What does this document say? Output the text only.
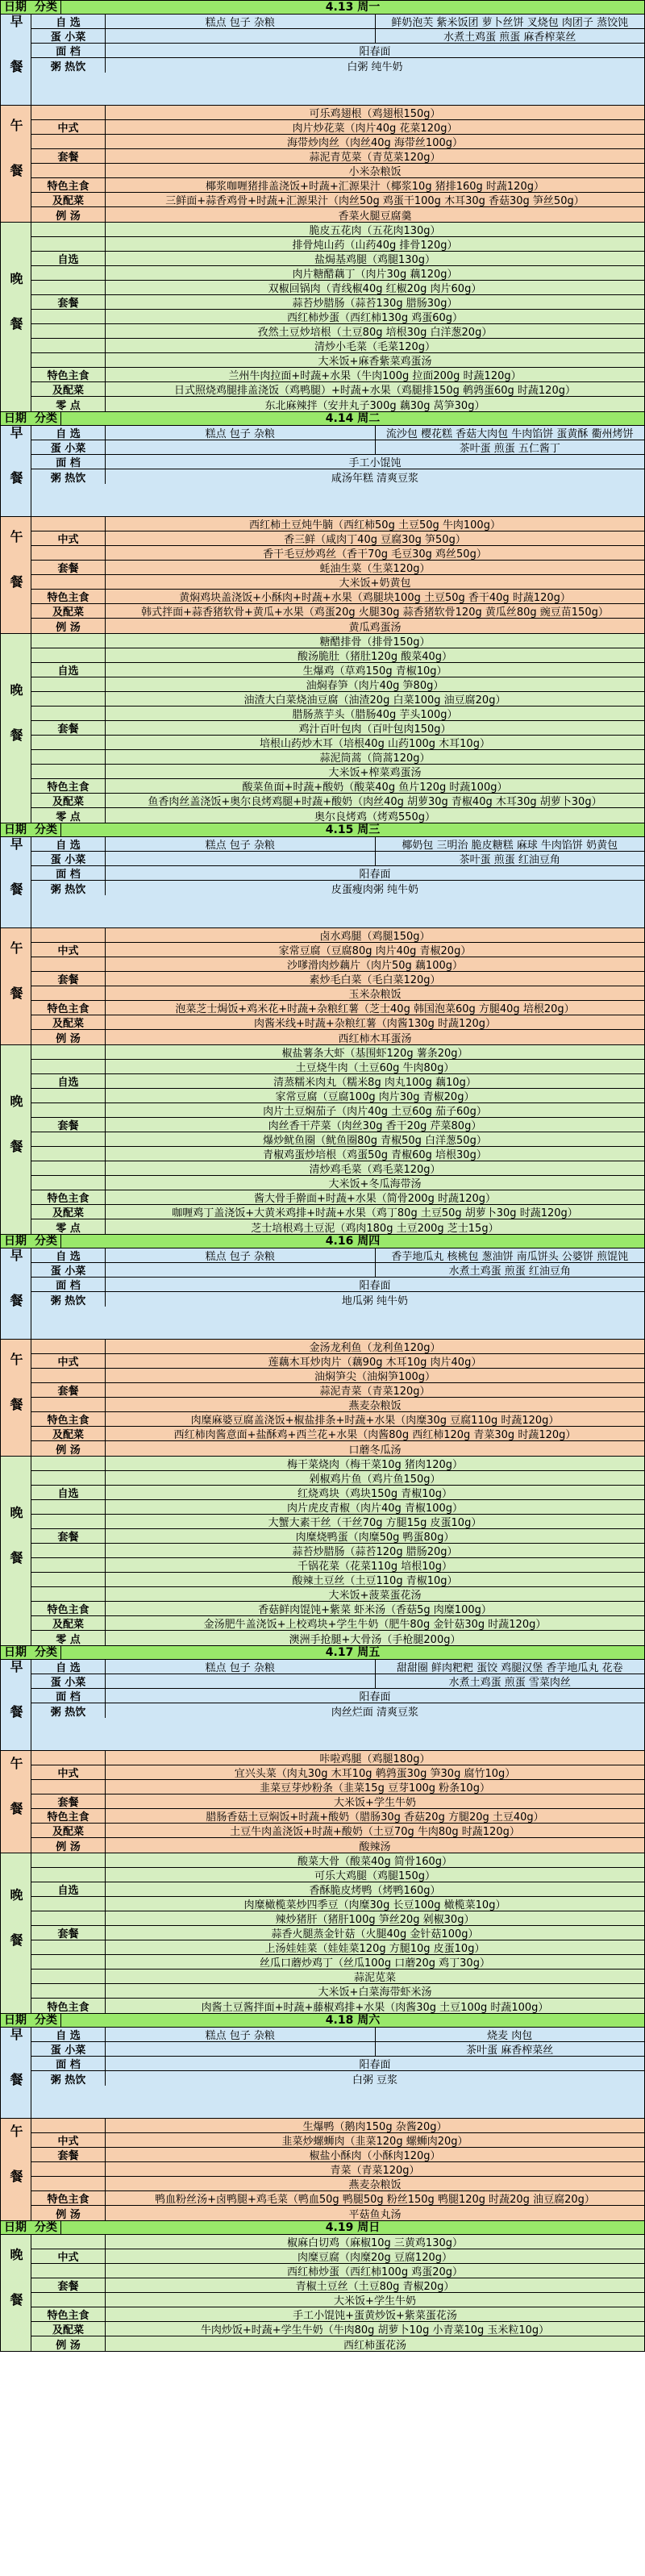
日期 分类	4.13 周一
早餐	自 选	糕点 包子 杂粮	鲜奶泡芙 紫米饭团 萝卜丝饼 叉烧包 肉团子 蒸饺饨
蛋 小菜	水煮土鸡蛋 煎蛋 麻香榨菜丝
面 档	阳春面
粥 热饮	白粥 纯牛奶
午餐
可乐鸡翅根（鸡翅根150g）
中式	肉片炒花菜（肉片40g 花菜120g）
海带炒肉丝（肉丝40g 海带丝100g）
套餐	蒜泥青苋菜（青苋菜120g）
小米杂粮饭
特色主食	椰浆咖喱猪排盖浇饭+时蔬+汇源果汁（椰浆10g 猪排160g 时蔬120g）
及配菜	三鲜面+蒜香鸡骨+时蔬+汇源果汁（肉丝50g 鸡蛋干100g 木耳30g 香菇30g 笋丝50g）
例 汤	香菜火腿豆腐羹
晚餐
脆皮五花肉（五花肉130g）
排骨炖山药（山药40g 排骨120g）
自选	盐焗基鸡腿（鸡腿130g）
肉片糖醋藕丁（肉片30g 藕120g）
双椒回锅肉（青线椒40g 红椒20g 肉片60g）
套餐	蒜苔炒腊肠（蒜苔130g 腊肠30g）
西红柿炒蛋（西红柿130g 鸡蛋60g）
孜然土豆炒培根（土豆80g 培根30g 白洋葱20g）
清炒小毛菜（毛菜120g）
大米饭+麻香紫菜鸡蛋汤
特色主食	兰州牛肉拉面+时蔬+水果（牛肉100g 拉面200g 时蔬120g）
及配菜	日式照烧鸡腿排盖浇饭（鸡鸭腿）+时蔬+水果（鸡腿排150g 鹌鹑蛋60g 时蔬120g）
零 点	东北麻辣拌（安井丸子300g 藕30g 莴笋30g）
日期 分类	4.14 周二
早餐	自 选	糕点 包子 杂粮	流沙包 樱花糕 香菇大肉包 牛肉馅饼 蛋黄酥 衢州烤饼
蛋 小菜	茶叶蛋 煎蛋 五仁酱丁
面 档	手工小馄饨
粥 热饮	咸汤年糕 清爽豆浆
午餐
西红柿土豆炖牛腩（西红柿50g 土豆50g 牛肉100g）
中式	香三鲜（咸肉丁40g 豆腐30g 笋50g）
香干毛豆炒鸡丝（香干70g 毛豆30g 鸡丝50g）
套餐	蚝油生菜（生菜120g）
大米饭+奶黄包
特色主食	黄焖鸡块盖浇饭+小酥肉+时蔬+水果（鸡腿块100g 土豆50g 香干40g 时蔬120g）
及配菜	韩式拌面+蒜香猪软骨+黄瓜+水果（鸡蛋20g 火腿30g 蒜香猪软骨120g 黄瓜丝80g 豌豆苗150g）
例 汤	黄瓜鸡蛋汤
晚餐
糖醋排骨（排骨150g）
酸汤脆肚（猪肚120g 酸菜40g）
自选	生爆鸡（草鸡150g 青椒10g）
油焖春笋（肉片40g 笋80g）
油渣大白菜烧油豆腐（油渣20g 白菜100g 油豆腐20g）
腊肠蒸芋头（腊肠40g 芋头100g）
套餐	鸡汁百叶包肉（百叶包肉150g）
培根山药炒木耳（培根40g 山药100g 木耳10g）
蒜泥筒蒿（筒蒿120g）
大米饭+榨菜鸡蛋汤
特色主食	酸菜鱼面+时蔬+酸奶（酸菜40g 鱼片120g 时蔬100g）
及配菜	鱼香肉丝盖浇饭+奥尔良烤鸡腿+时蔬+酸奶（肉丝40g 胡萝30g 青椒40g 木耳30g 胡萝卜30g）
零 点	奥尔良烤鸡（烤鸡550g）
日期 分类	4.15 周三
早餐	自 选	糕点 包子 杂粮	椰奶包 三明治 脆皮糖糕 麻球 牛肉馅饼 奶黄包
蛋 小菜	茶叶蛋 煎蛋 红油豆角
面 档	阳春面
粥 热饮	皮蛋瘦肉粥 纯牛奶
午餐
卤水鸡腿（鸡腿150g）
中式	家常豆腐（豆腐80g 肉片40g 青椒20g）
沙嗲滑肉炒藕片（肉片50g 藕100g）
套餐	素炒毛白菜（毛白菜120g）
玉米杂粮饭
特色主食	泡菜芝士焗饭+鸡米花+时蔬+杂粮红薯（芝士40g 韩国泡菜60g 方腿40g 培根20g）
及配菜	肉酱米线+时蔬+杂粮红薯（肉酱130g 时蔬120g）
例 汤	西红柿木耳蛋汤
晚餐
椒盐薯条大虾（基围虾120g 薯条20g）
土豆烧牛肉（土豆60g 牛肉80g）
自选	清蒸糯米肉丸（糯米8g 肉丸100g 藕10g）
家常豆腐（豆腐100g 肉片30g 青椒20g）
肉片土豆焖茄子（肉片40g 土豆60g 茄子60g）
套餐	肉丝香干芹菜（肉丝30g 香干20g 芹菜80g）
爆炒鱿鱼圈（鱿鱼圈80g 青椒50g 白洋葱50g）
青椒鸡蛋炒培根（鸡蛋50g 青椒60g 培根30g）
清炒鸡毛菜（鸡毛菜120g）
大米饭+冬瓜海带汤
特色主食	酱大骨手擀面+时蔬+水果（简骨200g 时蔬120g）
及配菜	咖喱鸡丁盖浇饭+大黄米鸡排+时蔬+水果（鸡丁80g 土豆50g 胡萝卜30g 时蔬120g）
零 点	芝士培根鸡土豆泥（鸡肉180g 土豆200g 芝士15g）
日期 分类	4.16 周四
早餐	自 选	糕点 包子 杂粮	香芋地瓜丸 核桃包 葱油饼 南瓜饼头 公婆饼 煎馄饨
蛋 小菜	水煮土鸡蛋 煎蛋 红油豆角
面 档	阳春面
粥 热饮	地瓜粥 纯牛奶
午餐
金汤龙利鱼（龙利鱼120g）
中式	莲藕木耳炒肉片（藕90g 木耳10g 肉片40g）
油焖笋尖（油焖笋100g）
套餐	蒜泥青菜（青菜120g）
燕麦杂粮饭
特色主食	肉糜麻婆豆腐盖浇饭+椒盐排条+时蔬+水果（肉糜30g 豆腐110g 时蔬120g）
及配菜	西红柿肉酱意面+盐酥鸡+西兰花+水果（肉酱80g 西红柿120g 青菜30g 时蔬120g）
例 汤	口蘑冬瓜汤
晚餐
梅干菜烧肉（梅干菜10g 猪肉120g）
剁椒鸡片鱼（鸡片鱼150g）
自选	红烧鸡块（鸡块150g 青椒10g）
肉片虎皮青椒（肉片40g 青椒100g）
大蟹大素干丝（干丝70g 方腿15g 皮蛋10g）
套餐	肉糜烧鸭蛋（肉糜50g 鸭蛋80g）
蒜苔炒腊肠（蒜苔120g 腊肠20g）
千锅花菜（花菜110g 培根10g）
酸辣土豆丝（土豆110g 青椒10g）
大米饭+菠菜蛋花汤
特色主食	香菇鲜肉馄饨+紫菜 虾米汤（香菇5g 肉糜100g）
及配菜	金汤肥牛盖浇饭+上校鸡块+学生牛奶（肥牛80g 金针菇30g 时蔬120g）
零 点	澳洲手抢腿+大骨汤（手枪腿200g）
日期 分类	4.17 周五
早餐	自 选	糕点 包子 杂粮	甜甜圈 鲜肉粑粑 蛋饺 鸡腿汉堡 香芋地瓜丸 花卷
蛋 小菜	水煮土鸡蛋 煎蛋 雪菜肉丝
面 档	阳春面
粥 热饮	肉丝烂面 清爽豆浆
午餐	咔啦鸡腿（鸡腿180g）
中式	宜兴头菜（肉丸30g 木耳10g 鹌鹑蛋30g 笋30g 腐竹10g）
韭菜豆芽炒粉条（韭菜15g 豆芽100g 粉条10g）
套餐	大米饭+学生牛奶
特色主食	腊肠香菇土豆焖饭+时蔬+酸奶（腊肠30g 香菇20g 方腿20g 土豆40g）
及配菜	土豆牛肉盖浇饭+时蔬+酸奶（土豆70g 牛肉80g 时蔬120g）
例 汤	酸辣汤
晚餐
酸菜大骨（酸菜40g 简骨160g）
可乐大鸡腿（鸡腿150g）
自选	香酥脆皮烤鸭（烤鸭160g）
肉糜橄榄菜炒四季豆（肉糜30g 长豆100g 橄榄菜10g）
辣炒猪肝（猪肝100g 笋丝20g 剁椒30g）
套餐	蒜香火腿蒸金针菇（火腿40g 金针菇100g）
上汤娃娃菜（娃娃菜120g 方腿10g 皮蛋10g）
丝瓜口蘑炒鸡丁（丝瓜100g 口蘑20g 鸡丁30g）
蒜泥苋菜
大米饭+白菜海带虾米汤
特色主食	肉酱土豆酱拌面+时蔬+藤椒鸡排+水果（肉酱30g 土豆100g 时蔬100g）
日期 分类	4.18 周六
早餐	自 选	糕点 包子 杂粮	烧麦 肉包
蛋 小菜	茶叶蛋 麻香榨菜丝
面 档	阳春面
粥 热饮	白粥 豆浆
午餐	生爆鸭（鹅肉150g 杂酱20g）
中式	韭菜炒螺蛳肉（韭菜120g 螺蛳肉20g）
套餐	椒盐小酥肉（小酥肉120g）
青菜（青菜120g）
燕麦杂粮饭
特色主食	鸭血粉丝汤+卤鸭腿+鸡毛菜（鸭血50g 鸭腿50g 粉丝150g 鸭腿120g 时蔬20g 油豆腐20g）
例 汤	平菇鱼丸汤
日期 分类	4.19 周日
晚餐
椒麻白切鸡（麻椒10g 三黄鸡130g）
中式	肉糜豆腐（肉糜20g 豆腐120g）
西红柿炒蛋（西红柿100g 鸡蛋20g）
套餐	青椒土豆丝（土豆80g 青椒20g）
大米饭+学生牛奶
特色主食	手工小馄饨+蛋黄炒饭+紫菜蛋花汤
及配菜	牛肉炒饭+时蔬+学生牛奶（牛肉80g 胡萝卜10g 小青菜10g 玉米粒10g）
例 汤	西红柿蛋花汤
